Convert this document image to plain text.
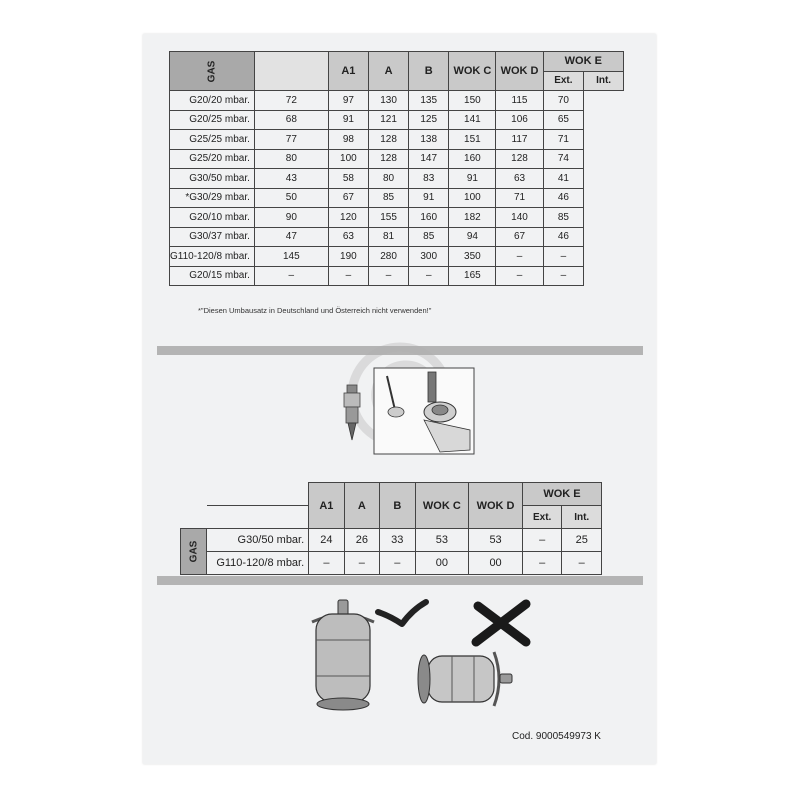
GAS		A1	A	B	WOK C	WOK D	WOK E	
							Ext.	Int.
G20/20 mbar.	72	97	130	135	150	115	70	
G20/25 mbar.	68	91	121	125	141	106	65	
G25/25 mbar.	77	98	128	138	151	117	71	
G25/20 mbar.	80	100	128	147	160	128	74	
G30/50 mbar.	43	58	80	83	91	63	41	
*G30/29 mbar.	50	67	85	91	100	71	46	
G20/10 mbar.	90	120	155	160	182	140	85	
G30/37 mbar.	47	63	81	85	94	67	46	
G110-120/8 mbar.	145	190	280	300	350	–	–	
G20/15 mbar.	–	–	–	–	165	–	–	
*"Diesen Umbausatz in Deutschland und Österreich nicht verwenden!"
		A1	A	B	WOK C	WOK D	WOK E	
							Ext.	Int.
GAS	G30/50 mbar.	24	26	33	53	53	–	25
	G110-120/8 mbar.	–	–	–	00	00	–	–
Cod. 9000549973 K
